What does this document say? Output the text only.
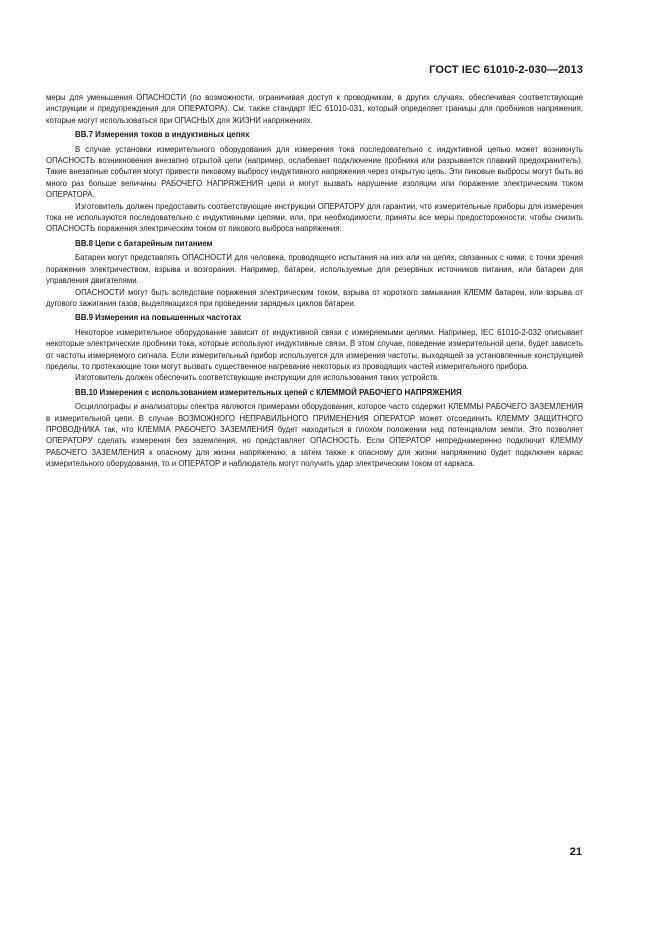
ГОСТ IEC 61010-2-030—2013

меры для уменьшения ОПАСНОСТИ (по возможности, ограничивая доступ к проводникам, в других случаях, обеспечивая соответствующие инструкции и предупреждения для ОПЕРАТОРА). См. также стандарт IEC 61010-031, который определяет границы для пробников напряжения, которые могут использоваться при ОПАСНЫХ для ЖИЗНИ напряжениях.

ВВ.7 Измерения токов в индуктивных цепях

В случае установки измерительного оборудования для измерения тока последовательно с индуктивной цепью может возникнуть ОПАСНОСТЬ возникновения внезапно отрытой цепи (например, ослабевает подключение пробника или разрывается плавкий предохранитель). Такие внезапные события могут привести пиковому выбросу индуктивного напряжения через открытую цепь. Эти пиковые выбросы могут быть во много раз больше величины РАБОЧЕГО НАПРЯЖЕНИЯ цепи и могут вызвать нарушение изоляции или поражение электрическим током ОПЕРАТОРА.

Изготовитель должен предоставить соответствующие инструкции ОПЕРАТОРУ для гарантии, что измерительные приборы для измерения тока не используются последовательно с индуктивными цепями, или, при необходимости, приняты все меры предосторожности, чтобы снизить ОПАСНОСТЬ поражения электрическим током от пикового выброса напряжения.

ВВ.8 Цепи с батарейным питанием

Батареи могут представлять ОПАСНОСТИ для человека, проводящего испытания на них или на цепях, связанных с ними, с точки зрения поражения электричеством, взрыва и возгорания. Например, батареи, используемые для резервных источников питания, или батареи для управления двигателями.

ОПАСНОСТИ могут быть вследствие поражения электрическим током, взрыва от короткого замыкания КЛЕММ батареи, или взрыва от дугового зажигания газов, выделяющихся при проведении зарядных циклов батареи.

ВВ.9 Измерения на повышенных частотах

Некоторое измерительное оборудование зависит от индуктивной связи с измеряемыми цепями. Например, IEC 61010-2-032 описывает некоторые электрические пробники тока, которые используют индуктивные связи. В этом случае, поведение измерительной цепи, будет зависеть от частоты измеряемого сигнала. Если измерительный прибор используется для измерения частоты, выходящей за установленные конструкцией пределы, то протекающие токи могут вызвать существенное нагревание некоторых из проводящих частей измерительного прибора.

Изготовитель должен обеспечить соответствующие инструкции для использования таких устройств.

ВВ.10 Измерения с использованием измерительных цепей с КЛЕММОЙ РАБОЧЕГО НАПРЯЖЕНИЯ

Осциллографы и анализаторы спектра являются примерами оборудования, которое часто содержит КЛЕММЫ РАБОЧЕГО ЗАЗЕМЛЕНИЯ в измерительной цепи. В случае ВОЗМОЖНОГО НЕПРАВИЛЬНОГО ПРИМЕНЕНИЯ ОПЕРАТОР может отсоединить КЛЕММУ ЗАЩИТНОГО ПРОВОДНИКА так, что КЛЕММА РАБОЧЕГО ЗАЗЕМЛЕНИЯ будет находиться в плохом положении над потенциалом земли. Это позволяет ОПЕРАТОРУ сделать измерения без заземления, но представляет ОПАСНОСТЬ. Если ОПЕРАТОР непреднамеренно подключит КЛЕММУ РАБОЧЕГО ЗАЗЕМЛЕНИЯ к опасному для жизни напряжению, а затем также к опасному для жизни напряжению будет подключен каркас измерительного оборудования, то и ОПЕРАТОР и наблюдатель могут получить удар электрическим током от каркаса.

21
